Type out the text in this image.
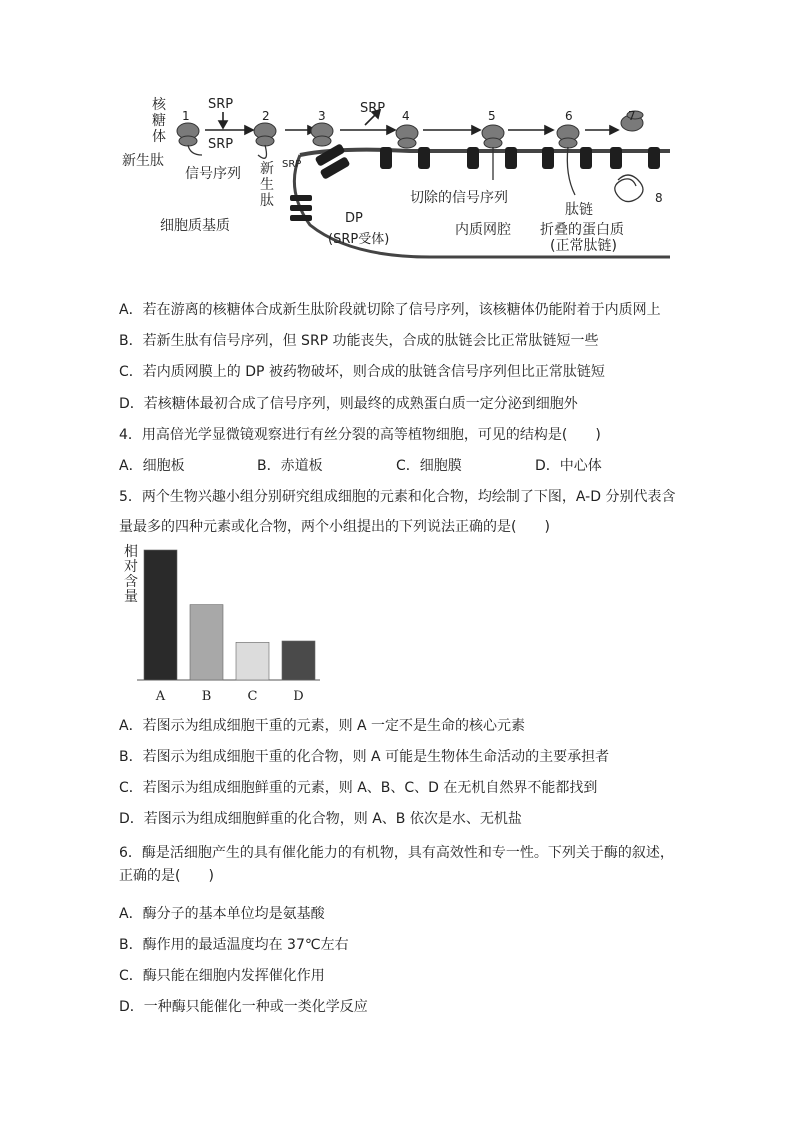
核
糖
体
新生肽
SRP
SRP
SRP
信号序列 新
生
肽
SRP
细胞质基质	DP
(SRP受体)
切除的信号序列
内质网腔
肽链
折叠的蛋白质
(正常肽链)
1	2	3	4	5	6	7
8
A．若在游离的核糖体合成新生肽阶段就切除了信号序列，该核糖体仍能附着于内质网上
B．若新生肽有信号序列，但 SRP 功能丧失，合成的肽链会比正常肽链短一些
C．若内质网膜上的 DP 被药物破坏，则合成的肽链含信号序列但比正常肽链短
D．若核糖体最初合成了信号序列，则最终的成熟蛋白质一定分泌到细胞外
4．用高倍光学显微镜观察进行有丝分裂的高等植物细胞，可见的结构是(　　)
A．细胞板	B．赤道板	C．细胞膜	D．中心体
5．两个生物兴趣小组分别研究组成细胞的元素和化合物，均绘制了下图，A-D 分别代表含
量最多的四种元素或化合物，两个小组提出的下列说法正确的是(　　)
相对含量
A	B	C	D
A．若图示为组成细胞干重的元素，则 A 一定不是生命的核心元素
B．若图示为组成细胞干重的化合物，则 A 可能是生物体生命活动的主要承担者
C．若图示为组成细胞鲜重的元素，则 A、B、C、D 在无机自然界不能都找到
D．若图示为组成细胞鲜重的化合物，则 A、B 依次是水、无机盐
6．酶是活细胞产生的具有催化能力的有机物，具有高效性和专一性。下列关于酶的叙述，
正确的是(　　)
A．酶分子的基本单位均是氨基酸
B．酶作用的最适温度均在 37℃左右
C．酶只能在细胞内发挥催化作用
D．一种酶只能催化一种或一类化学反应
